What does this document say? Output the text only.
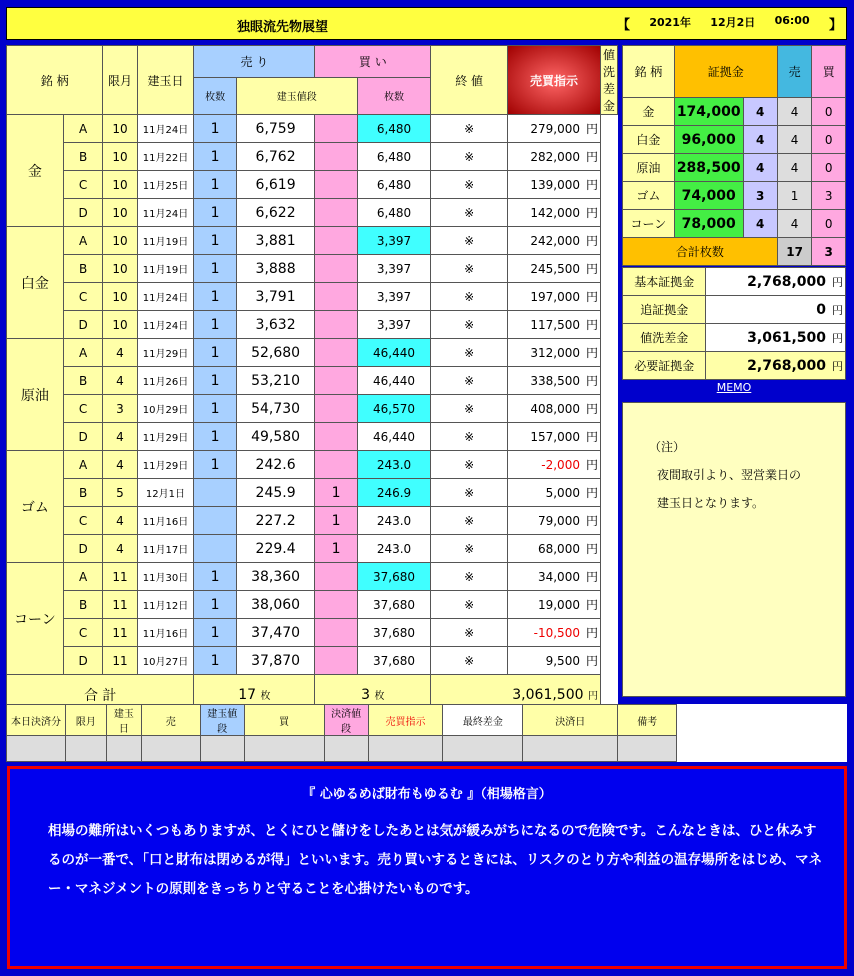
独眼流先物展望	【 2021年 12月2日 06:00 】
銘 柄		限月	建玉日	売 り		買 い		終 値	売買指示	値洗差金
				枚数	建玉値段		枚数			
金	A	10	11月24日	1	6,759		6,480	※	279,000 円	
	B	10	11月22日	1	6,762		6,480	※	282,000 円	
	C	10	11月25日	1	6,619		6,480	※	139,000 円	
	D	10	11月24日	1	6,622		6,480	※	142,000 円	
白金	A	10	11月19日	1	3,881		3,397	※	242,000 円	
	B	10	11月19日	1	3,888		3,397	※	245,500 円	
	C	10	11月24日	1	3,791		3,397	※	197,000 円	
	D	10	11月24日	1	3,632		3,397	※	117,500 円	
原油	A	4	11月29日	1	52,680		46,440	※	312,000 円	
	B	4	11月26日	1	53,210		46,440	※	338,500 円	
	C	3	10月29日	1	54,730		46,570	※	408,000 円	
	D	4	11月29日	1	49,580		46,440	※	157,000 円	
ゴム	A	4	11月29日	1	242.6		243.0	※	-2,000 円	
	B	5	12月1日		245.9	1	246.9	※	5,000 円	
	C	4	11月16日		227.2	1	243.0	※	79,000 円	
	D	4	11月17日		229.4	1	243.0	※	68,000 円	
コーン	A	11	11月30日	1	38,360		37,680	※	34,000 円	
	B	11	11月12日	1	38,060		37,680	※	19,000 円	
	C	11	11月16日	1	37,470		37,680	※	-10,500 円	
	D	11	10月27日	1	37,870		37,680	※	9,500 円	
合 計				17 枚		3 枚		3,061,500 円		
銘 柄	証拠金		売	買
金	174,000	4	4	0
白金	96,000	4	4	0
原油	288,500	4	4	0
ゴム	74,000	3	1	3
コーン	78,000	4	4	0
合計枚数			17	3
基本証拠金	2,768,000 円
追証拠金	0 円
値洗差金	3,061,500 円
必要証拠金	2,768,000 円
MEMO
（注）
夜間取引より、翌営業日の
建玉日となります。
本日決済分	限月	建玉日	売	建玉値段	買	決済値段	売買指示	最終差金	決済日	備考

『 心ゆるめば財布もゆるむ 』（相場格言）
相場の難所はいくつもありますが、とくにひと儲けをしたあとは気が緩みがちになるので危険です。こんなときは、ひと休みするのが一番で、「口と財布は閉めるが得」といいます。売り買いするときには、リスクのとり方や利益の温存場所をはじめ、マネー・マネジメントの原則をきっちりと守ることを心掛けたいものです。
